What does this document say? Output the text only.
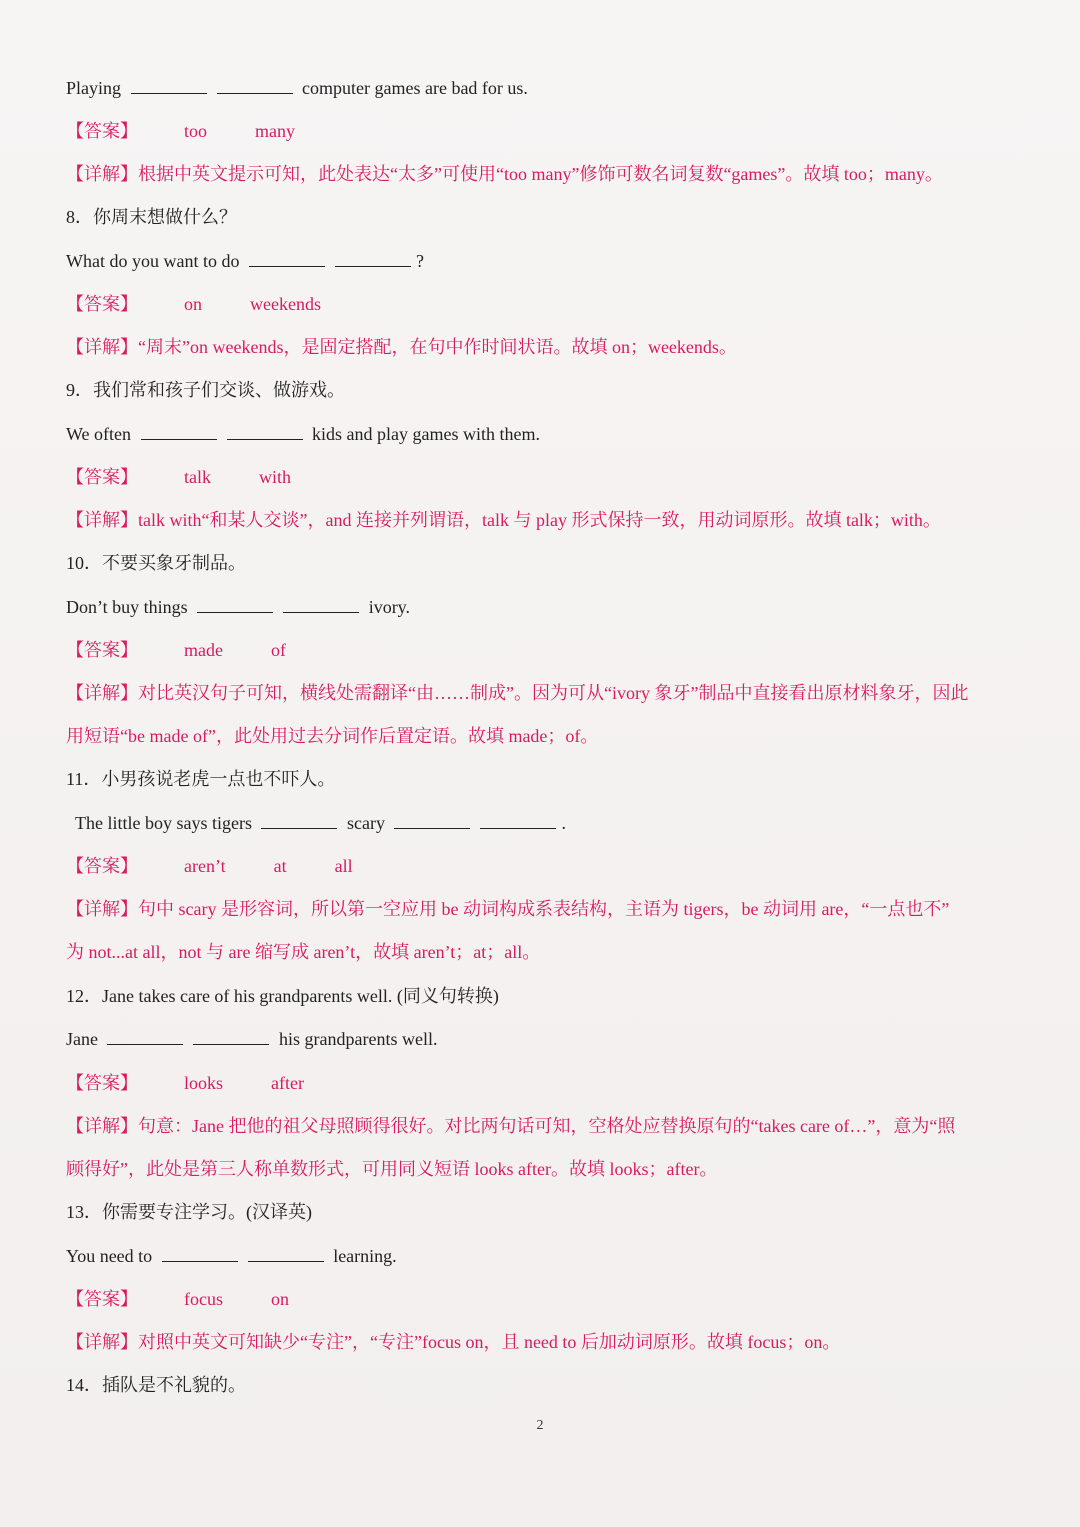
Playing	computer games are bad for us.
【答案】	too	many
【详解】根据中英文提示可知，此处表达“太多”可使用“too many”修饰可数名词复数“games”。故填 too；many。
8．你周末想做什么？
What do you want to do	?
【答案】	on	weekends
【详解】“周末”on weekends，是固定搭配，在句中作时间状语。故填 on；weekends。
9．我们常和孩子们交谈、做游戏。
We often	kids and play games with them.
【答案】	talk	with
【详解】talk with“和某人交谈”，and 连接并列谓语，talk 与 play 形式保持一致，用动词原形。故填 talk；with。
10．不要买象牙制品。
Don’t buy things	ivory.
【答案】	made	of
【详解】对比英汉句子可知，横线处需翻译“由……制成”。因为可从“ivory 象牙”制品中直接看出原材料象牙，因此
用短语“be made of”，此处用过去分词作后置定语。故填 made；of。
11．小男孩说老虎一点也不吓人。
The little boy says tigers	scary	.
【答案】	aren’t	at	all
【详解】句中 scary 是形容词，所以第一空应用 be 动词构成系表结构，主语为 tigers，be 动词用 are，“一点也不”
为 not...at all，not 与 are 缩写成 aren’t，故填 aren’t；at；all。
12．Jane takes care of his grandparents well. (同义句转换)
Jane	his grandparents well.
【答案】	looks	after
【详解】句意：Jane 把他的祖父母照顾得很好。对比两句话可知，空格处应替换原句的“takes care of…”，意为“照
顾得好”，此处是第三人称单数形式，可用同义短语 looks after。故填 looks；after。
13．你需要专注学习。(汉译英)
You need to	learning.
【答案】	focus	on
【详解】对照中英文可知缺少“专注”，“专注”focus on，且 need to 后加动词原形。故填 focus；on。
14．插队是不礼貌的。
2
